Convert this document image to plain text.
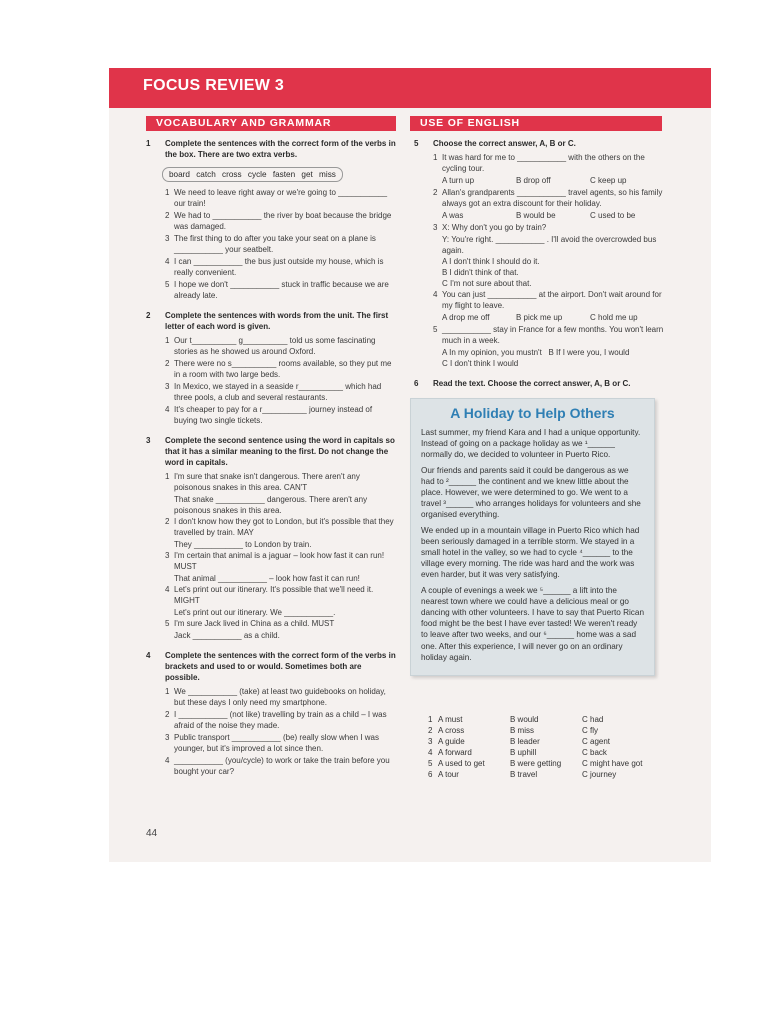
FOCUS REVIEW 3
VOCABULARY AND GRAMMAR	USE OF ENGLISH
1	Complete the sentences with the correct form of the verbs in the box. There are two extra verbs.
board catch cross cycle fasten get miss
1 We need to leave right away or we're going to ___________ our train!
2 We had to ___________ the river by boat because the bridge was damaged.
3 The first thing to do after you take your seat on a plane is ___________ your seatbelt.
4 I can ___________ the bus just outside my house, which is really convenient.
5 I hope we don't ___________ stuck in traffic because we are already late.
2	Complete the sentences with words from the unit. The first letter of each word is given.
1 Our t__________ g__________ told us some fascinating stories as he showed us around Oxford.
2 There were no s__________ rooms available, so they put me in a room with two large beds.
3 In Mexico, we stayed in a seaside r__________ which had three pools, a club and several restaurants.
4 It's cheaper to pay for a r__________ journey instead of buying two single tickets.
3	Complete the second sentence using the word in capitals so that it has a similar meaning to the first. Do not change the word in capitals.
1 I'm sure that snake isn't dangerous. There aren't any poisonous snakes in this area. CAN'T
That snake ___________ dangerous. There aren't any poisonous snakes in this area.
2 I don't know how they got to London, but it's possible that they travelled by train. MAY
They ___________ to London by train.
3 I'm certain that animal is a jaguar – look how fast it can run! MUST
That animal ___________ – look how fast it can run!
4 Let's print out our itinerary. It's possible that we'll need it. MIGHT
Let's print out our itinerary. We ___________.
5 I'm sure Jack lived in China as a child. MUST
Jack ___________ as a child.
4	Complete the sentences with the correct form of the verbs in brackets and used to or would. Sometimes both are possible.
1 We ___________ (take) at least two guidebooks on holiday, but these days I only need my smartphone.
2 I ___________ (not like) travelling by train as a child – I was afraid of the noise they made.
3 Public transport ___________ (be) really slow when I was younger, but it's improved a lot since then.
4 ___________ (you/cycle) to work or take the train before you bought your car?
5	Choose the correct answer, A, B or C.
1 It was hard for me to ___________ with the others on the cycling tour.
A turn up	B drop off	C keep up
2 Allan's grandparents ___________ travel agents, so his family always got an extra discount for their holiday.
A was	B would be	C used to be
3 X: Why don't you go by train?
Y: You're right. ___________ . I'll avoid the overcrowded bus again.
A I don't think I should do it.
B I didn't think of that.
C I'm not sure about that.
4 You can just ___________ at the airport. Don't wait around for my flight to leave.
A drop me off	B pick me up	C hold me up
5 ___________ stay in France for a few months. You won't learn much in a week.
A In my opinion, you mustn't   B If I were you, I would
C I don't think I would
6	Read the text. Choose the correct answer, A, B or C.
A Holiday to Help Others

Last summer, my friend Kara and I had a unique opportunity. Instead of going on a package holiday as we ¹______ normally do, we decided to volunteer in Puerto Rico.

Our friends and parents said it could be dangerous as we had to ²______ the continent and we knew little about the place. However, we were determined to go. We went to a travel ³______ who arranges holidays for volunteers and she organised everything.

We ended up in a mountain village in Puerto Rico which had been seriously damaged in a terrible storm. We stayed in a small hotel in the valley, so we had to cycle ⁴______ to the village every morning. The ride was hard and the work was even harder, but it was very satisfying.

A couple of evenings a week we ⁵______ a lift into the nearest town where we could have a delicious meal or go dancing with other volunteers. I have to say that Puerto Rican food might be the best I have ever tasted! We weren't ready to leave after two weeks, and our ⁶______ home was a sad one. After this experience, I will never go on an ordinary holiday again.

1 A must	B would	C had
2 A cross	B miss	C fly
3 A guide	B leader	C agent
4 A forward	B uphill	C back
5 A used to get	B were getting	C might have got
6 A tour	B travel	C journey
44
